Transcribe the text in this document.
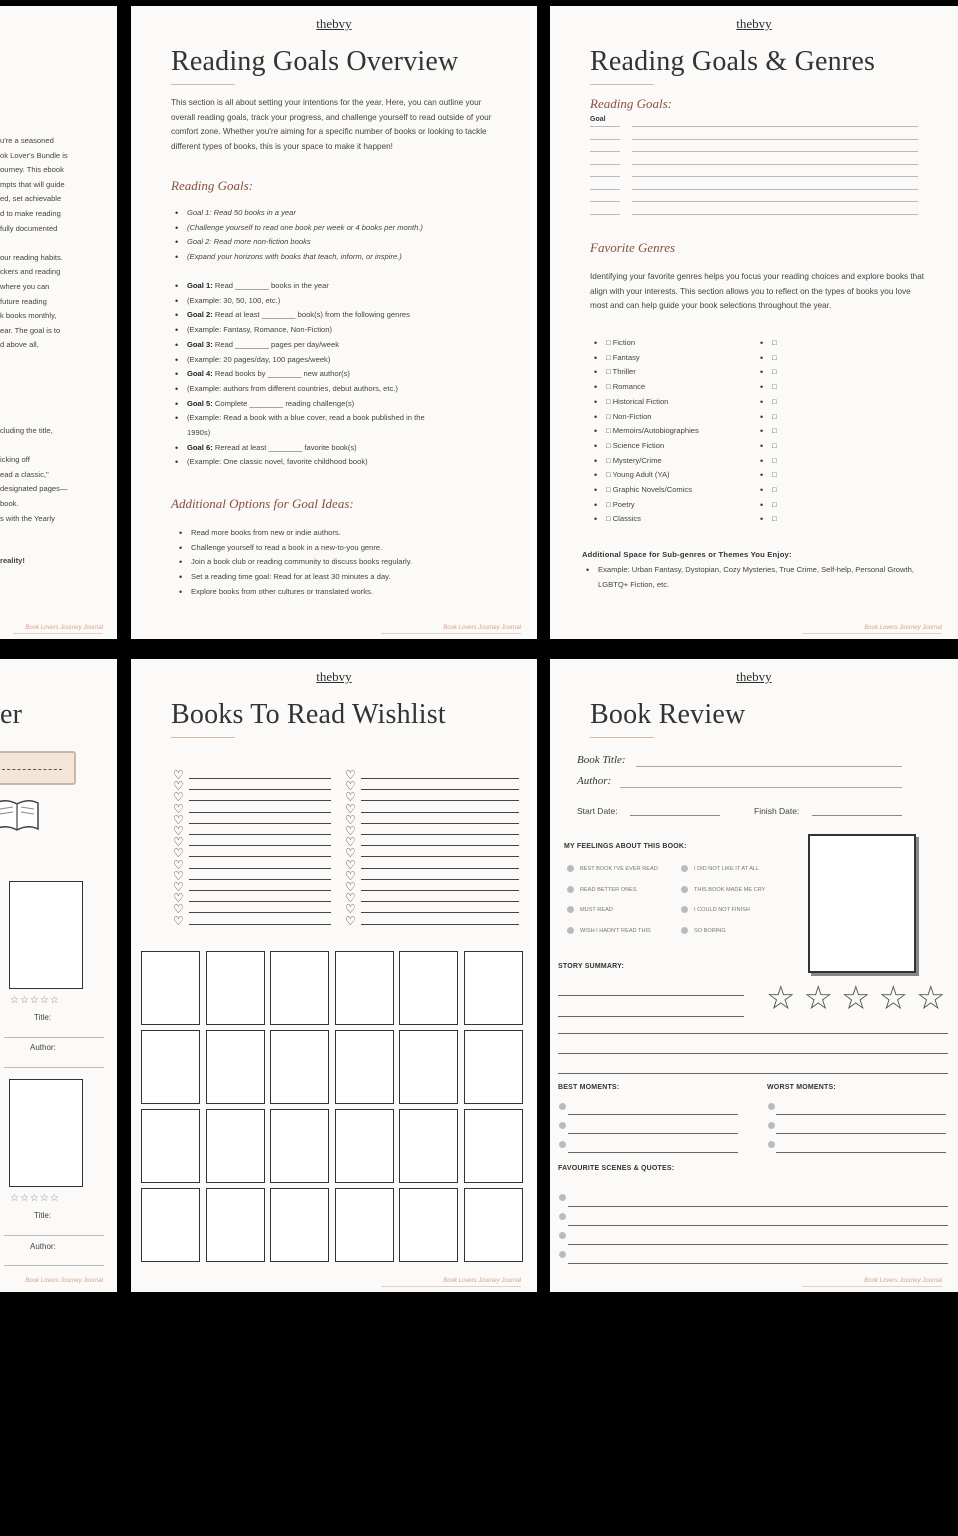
u're a seasoned
ok Lover's Bundle is
ourney. This ebook
mpts that will guide
ed, set achievable
d to make reading
fully documented
our reading habits.
ckers and reading
where you can
future reading
k books monthly,
ear. The goal is to
d above all,
cluding the title,
icking off
ead a classic,"
designated pages—
book.
s with the Yearly
reality!
Book Lovers Journey Journal
thebvy
Reading Goals Overview
This section is all about setting your intentions for the year. Here, you can outline your overall reading goals, track your progress, and challenge yourself to read outside of your comfort zone. Whether you're aiming for a specific number of books or looking to tackle different types of books, this is your space to make it happen!
Reading Goals:
• Goal 1: Read 50 books in a year
• (Challenge yourself to read one book per week or 4 books per month.)
• Goal 2: Read more non-fiction books
• (Expand your horizons with books that teach, inform, or inspire.)
• Goal 1: Read ________ books in the year
• (Example: 30, 50, 100, etc.)
• Goal 2: Read at least ________ book(s) from the following genres
• (Example: Fantasy, Romance, Non-Fiction)
• Goal 3: Read ________ pages per day/week
• (Example: 20 pages/day, 100 pages/week)
• Goal 4: Read books by ________ new author(s)
• (Example: authors from different countries, debut authors, etc.)
• Goal 5: Complete ________ reading challenge(s)
• (Example: Read a book with a blue cover, read a book published in the
1990s)
• Goal 6: Reread at least ________ favorite book(s)
• (Example: One classic novel, favorite childhood book)
Additional Options for Goal Ideas:
• Read more books from new or indie authors.
• Challenge yourself to read a book in a new-to-you genre.
• Join a book club or reading community to discuss books regularly.
• Set a reading time goal: Read for at least 30 minutes a day.
• Explore books from other cultures or translated works.
Book Lovers Journey Journal
thebvy
Reading Goals & Genres
Reading Goals:
Goal
Favorite Genres
Identifying your favorite genres helps you focus your reading choices and explore books that align with your interests. This section allows you to reflect on the types of books you love most and can help guide your book selections throughout the year.
• □ Fiction
• □ Fantasy
• □ Thriller
• □ Romance
• □ Historical Fiction
• □ Non-Fiction
• □ Memoirs/Autobiographies
• □ Science Fiction
• □ Mystery/Crime
• □ Young Adult (YA)
• □ Graphic Novels/Comics
• □ Poetry
• □ Classics
• □
• □
• □
• □
• □
• □
• □
• □
• □
• □
• □
• □
• □
Additional Space for Sub-genres or Themes You Enjoy:
• Example: Urban Fantasy, Dystopian, Cozy Mysteries, True Crime, Self-help, Personal Growth, LGBTQ+ Fiction, etc.
Book Lovers Journey Journal
er
☆☆☆☆☆
Title:
Author:
☆☆☆☆☆
Title:
Author:
Book Lovers Journey Journal
thebvy
Books To Read Wishlist
♡
♡
♡
♡
♡
♡
♡
♡
♡
♡
♡
♡
♡
♡
♡
♡
♡
♡
♡
♡
♡
♡
♡
♡
♡
♡
♡
♡
Book Lovers Journey Journal
thebvy
Book Review
Book Title:
Author:
Start Date:	Finish Date:
MY FEELINGS ABOUT THIS BOOK:
BEST BOOK I'VE EVER READ	I DID NOT LIKE IT AT ALL
READ BETTER ONES	THIS BOOK MADE ME CRY
MUST READ	I COULD NOT FINISH
WISH I HADN'T READ THIS	SO BORING
STORY SUMMARY:
☆ ☆ ☆ ☆ ☆
BEST MOMENTS:	WORST MOMENTS:
FAVOURITE SCENES & QUOTES:
Book Lovers Journey Journal
